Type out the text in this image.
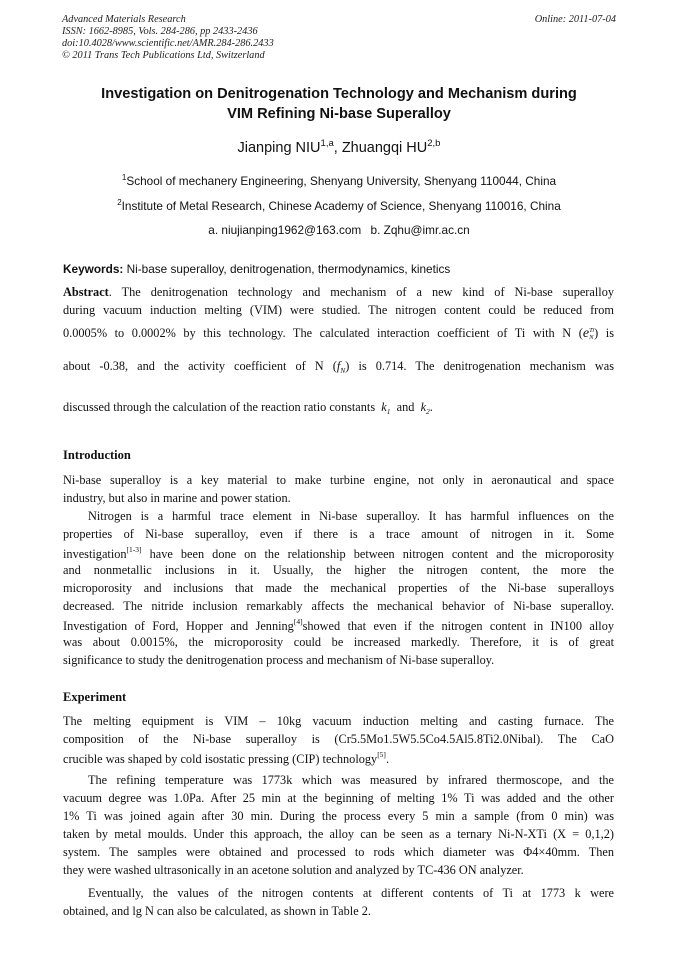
Advanced Materials Research
ISSN: 1662-8985, Vols. 284-286, pp 2433-2436
doi:10.4028/www.scientific.net/AMR.284-286.2433
© 2011 Trans Tech Publications Ltd, Switzerland
Online: 2011-07-04
Investigation on Denitrogenation Technology and Mechanism during
VIM Refining Ni-base Superalloy
Jianping NIU$^{1,a}$, Zhuangqi HU$^{2,b}$
$^1$School of mechanery Engineering, Shenyang University, Shenyang 110044, China
$^2$Institute of Metal Research, Chinese Academy of Science, Shenyang 110016, China
a. niujianping1962@163.com b. Zqhu@imr.ac.cn
Keywords: Ni-base superalloy, denitrogenation, thermodynamics, kinetics
Abstract. The denitrogenation technology and mechanism of a new kind of Ni-base superalloy
during vacuum induction melting (VIM) were studied. The nitrogen content could be reduced from
0.0005% to 0.0002% by this technology. The calculated interaction coefficient of Ti with N (e Ti
N ) is
about -0.38, and the activity coefficient of N $(f_N)$ is 0.714. The denitrogenation mechanism was
discussed through the calculation of the reaction ratio constants $k_1$ and $k_2$.
Introduction
Ni-base superalloy is a key material to make turbine engine, not only in aeronautical and space
industry, but also in marine and power station.
Nitrogen is a harmful trace element in Ni-base superalloy. It has harmful influences on the
properties of Ni-base superalloy, even if there is a trace amount of nitrogen in it. Some
investigation[1-3] have been done on the relationship between nitrogen content and the microporosity
and nonmetallic inclusions in it. Usually, the higher the nitrogen content, the more the
microporosity and inclusions that made the mechanical properties of the Ni-base superalloys
decreased. The nitride inclusion remarkably affects the mechanical behavior of Ni-base superalloy.
Investigation of Ford, Hopper and Jenning[4]showed that even if the nitrogen content in IN100 alloy
was about 0.0015%, the microporosity could be increased markedly. Therefore, it is of great
significance to study the denitrogenation process and mechanism of Ni-base superalloy.
Experiment
The melting equipment is VIM – 10kg vacuum induction melting and casting furnace. The
composition of the Ni-base superalloy is (Cr5.5Mo1.5W5.5Co4.5Al5.8Ti2.0Nibal). The CaO
crucible was shaped by cold isostatic pressing (CIP) technology[5].
The refining temperature was 1773k which was measured by infrared thermoscope, and the
vacuum degree was 1.0Pa. After 25 min at the beginning of melting 1% Ti was added and the other
1% Ti was joined again after 30 min. During the process every 5 min a sample (from 0 min) was
taken by metal moulds. Under this approach, the alloy can be seen as a ternary Ni-N-XTi (X = 0,1,2)
system. The samples were obtained and processed to rods which diameter was Φ4×40mm. Then
they were washed ultrasonically in an acetone solution and analyzed by TC-436 ON analyzer.
Eventually, the values of the nitrogen contents at different contents of Ti at 1773 k were
obtained, and lg N can also be calculated, as shown in Table 2.
